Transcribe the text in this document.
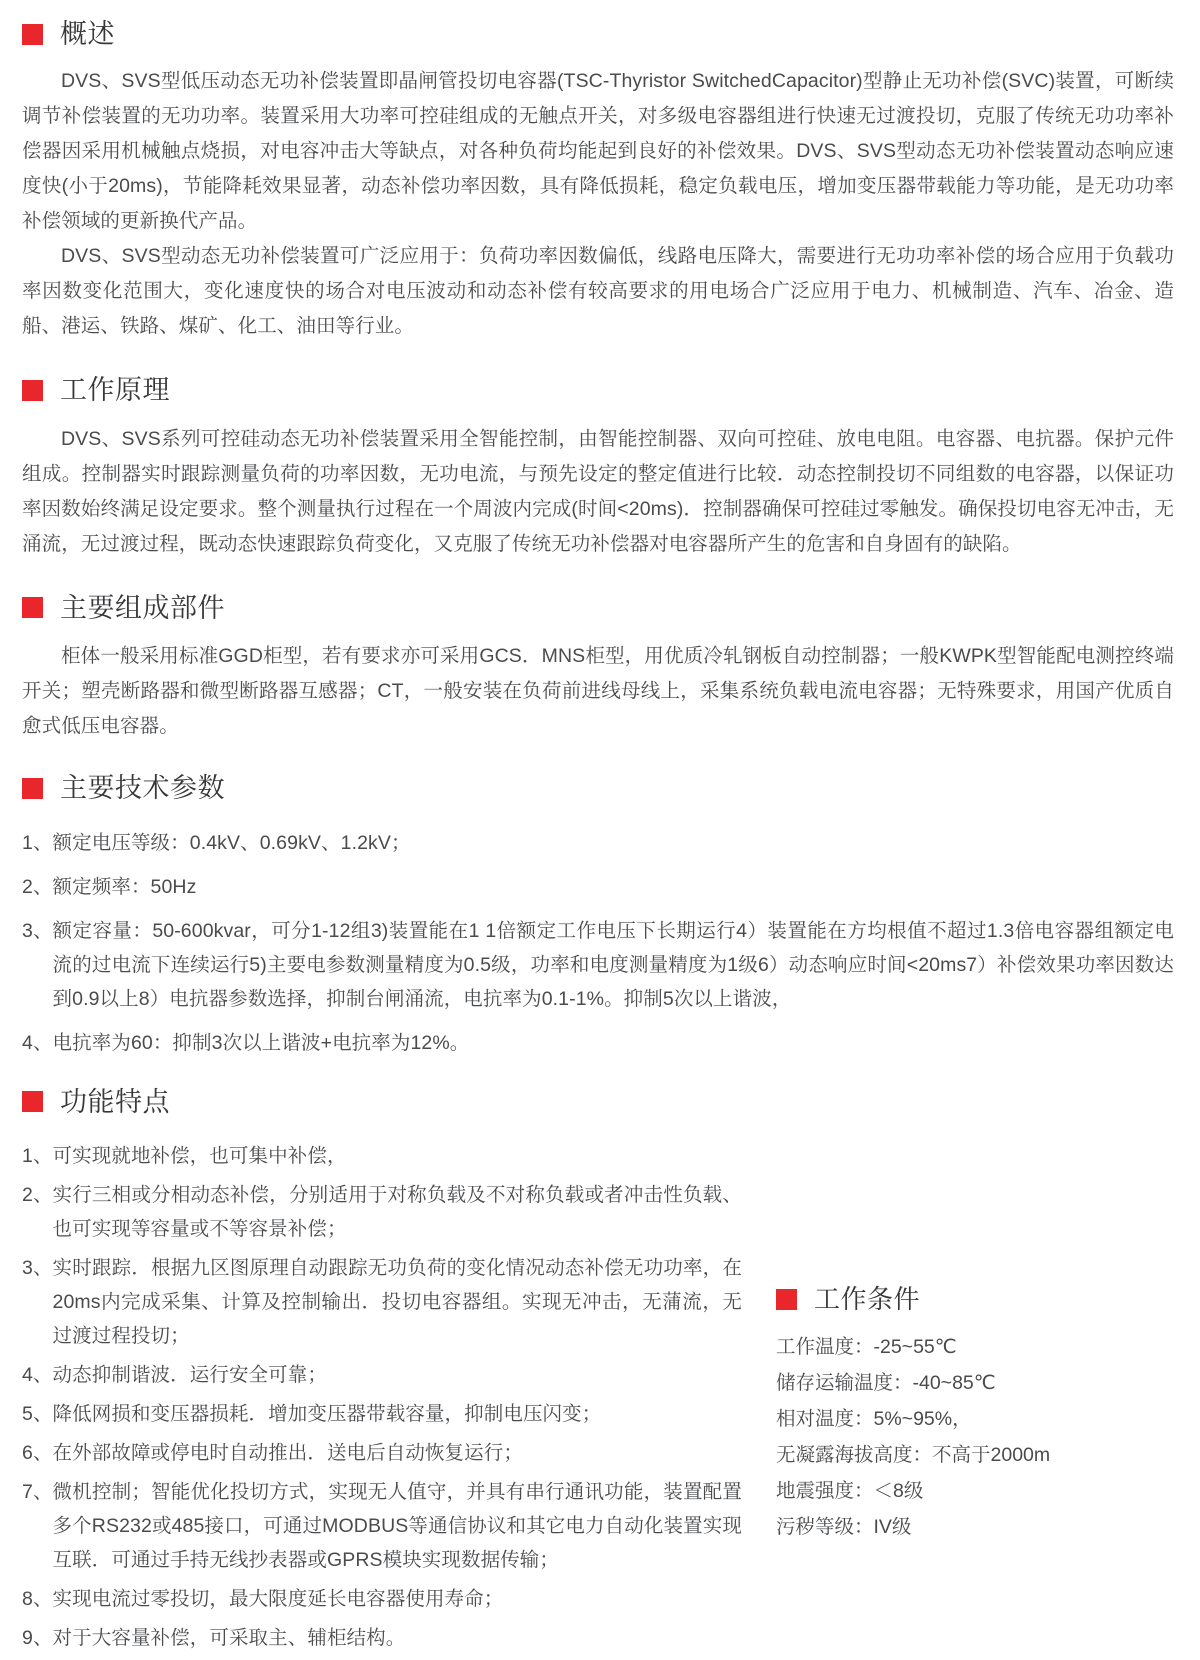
概述

DVS、SVS型低压动态无功补偿装置即晶闸管投切电容器(TSC-Thyristor SwitchedCapacitor)型静止无功补偿(SVC)装置，可断续调节补偿装置的无功功率。装置采用大功率可控硅组成的无触点开关，对多级电容器组进行快速无过渡投切，克服了传统无功功率补偿器因采用机械触点烧损，对电容冲击大等缺点，对各种负荷均能起到良好的补偿效果。DVS、SVS型动态无功补偿装置动态响应速度快(小于20ms)，节能降耗效果显著，动态补偿功率因数，具有降低损耗，稳定负载电压，增加变压器带载能力等功能，是无功功率补偿领域的更新换代产品。

DVS、SVS型动态无功补偿装置可广泛应用于：负荷功率因数偏低，线路电压降大，需要进行无功功率补偿的场合应用于负载功率因数变化范围大，变化速度快的场合对电压波动和动态补偿有较高要求的用电场合广泛应用于电力、机械制造、汽车、冶金、造船、港运、铁路、煤矿、化工、油田等行业。

工作原理

DVS、SVS系列可控硅动态无功补偿装置采用全智能控制，由智能控制器、双向可控硅、放电电阻。电容器、电抗器。保护元件组成。控制器实时跟踪测量负荷的功率因数，无功电流，与预先设定的整定值进行比较．动态控制投切不同组数的电容器，以保证功率因数始终满足设定要求。整个测量执行过程在一个周波内完成(时间<20ms)．控制器确保可控硅过零触发。确保投切电容无冲击，无涌流，无过渡过程，既动态快速跟踪负荷变化，又克服了传统无功补偿器对电容器所产生的危害和自身固有的缺陷。

主要组成部件

柜体一般采用标准GGD柜型，若有要求亦可采用GCS．MNS柜型，用优质冷轧钢板自动控制器；一般KWPK型智能配电测控终端开关；塑壳断路器和微型断路器互感器；CT，一般安装在负荷前进线母线上，采集系统负载电流电容器；无特殊要求，用国产优质自愈式低压电容器。

主要技术参数
1、 额定电压等级：0.4kV、0.69kV、1.2kV；
2、 额定频率：50Hz
3、 额定容量：50-600kvar，可分1-12组3)装置能在1 1倍额定工作电压下长期运行4）装置能在方均根值不超过1.3倍电容器组额定电流的过电流下连续运行5)主要电参数测量精度为0.5级，功率和电度测量精度为1级6）动态响应时间<20ms7）补偿效果功率因数达到0.9以上8）电抗器参数选择，抑制台闸涌流，电抗率为0.1-1%。抑制5次以上谐波，
4、 电抗率为60：抑制3次以上谐波+电抗率为12%。
功能特点
1、 可实现就地补偿，也可集中补偿，
2、 实行三相或分相动态补偿，分别适用于对称负载及不对称负载或者冲击性负载、也可实现等容量或不等容景补偿；
3、 实时跟踪．根据九区图原理自动跟踪无功负荷的变化情况动态补偿无功功率，在20ms内完成采集、计算及控制输出．投切电容器组。实现无冲击，无蒲流，无过渡过程投切；
4、 动态抑制谐波．运行安全可靠；
5、 降低网损和变压器损耗．增加变压器带载容量，抑制电压闪变；
6、 在外部故障或停电时自动推出．送电后自动恢复运行；
7、 微机控制；智能优化投切方式，实现无人值守，并具有串行通讯功能，装置配置多个RS232或485接口，可通过MODBUS等通信协议和其它电力自动化装置实现互联．可通过手持无线抄表器或GPRS模块实现数据传输；
8、 实现电流过零投切，最大限度延长电容器使用寿命；
9、 对于大容量补偿，可采取主、辅柜结构。
工作条件
工作温度：-25~55℃
储存运输温度：-40~85℃
相对温度：5%~95%，
无凝露海拔高度：不高于2000m
地震强度：＜8级
污秽等级：IV级
